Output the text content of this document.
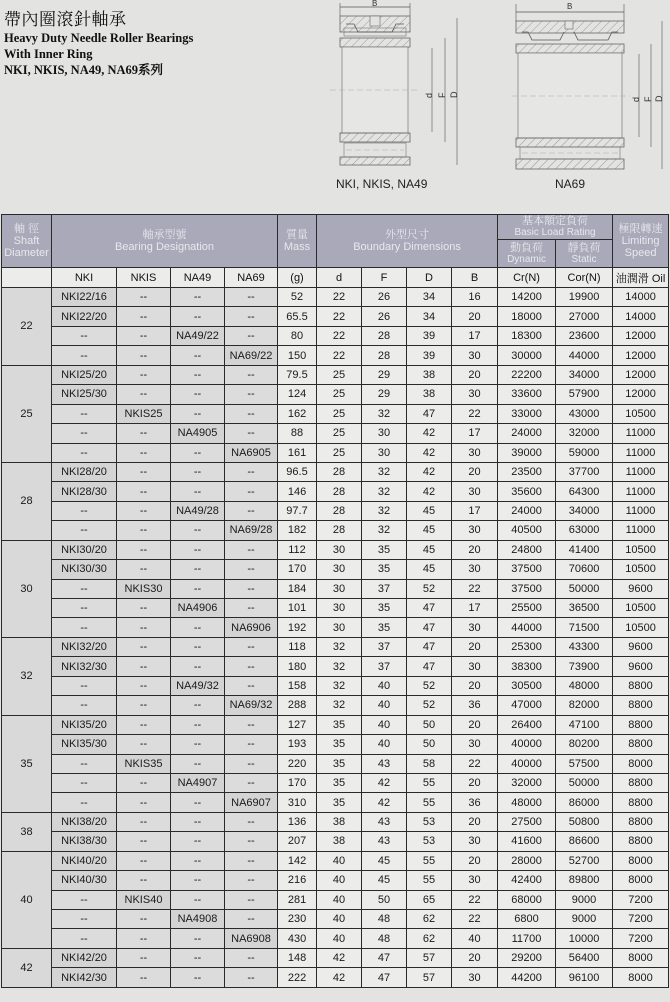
帶內圈滾針軸承
Heavy Duty Needle Roller Bearings
With Inner Ring
NKI, NKIS, NA49, NA69系列
d F D
B
NKI, NKIS, NA49
d F D
B
NA69
軸 徑
Shaft
Diameter	軸承型號
Bearing Designation				質量
Mass	外型尺寸
Boundary Dimensions				基本額定負荷
Basic Load Rating		極限轉速
Limiting
Speed

										動負荷
Dynamic	靜負荷
Static	

	NKI	NKIS	NA49	NA69	(g)	d	F	D	B	Cr(N)	Cor(N)	油潤滑 Oil
22	NKI22/16	--	--	--	52	22	26	34	16	14200	19900	14000
	NKI22/20	--	--	--	65.5	22	26	34	20	18000	27000	14000
	--	--	NA49/22	--	80	22	28	39	17	18300	23600	12000
	--	--	--	NA69/22	150	22	28	39	30	30000	44000	12000
25	NKI25/20	--	--	--	79.5	25	29	38	20	22200	34000	12000
	NKI25/30	--	--	--	124	25	29	38	30	33600	57900	12000
	--	NKIS25	--	--	162	25	32	47	22	33000	43000	10500
	--	--	NA4905	--	88	25	30	42	17	24000	32000	11000
	--	--	--	NA6905	161	25	30	42	30	39000	59000	11000
28	NKI28/20	--	--	--	96.5	28	32	42	20	23500	37700	11000
	NKI28/30	--	--	--	146	28	32	42	30	35600	64300	11000
	--	--	NA49/28	--	97.7	28	32	45	17	24000	34000	11000
	--	--	--	NA69/28	182	28	32	45	30	40500	63000	11000
30	NKI30/20	--	--	--	112	30	35	45	20	24800	41400	10500
	NKI30/30	--	--	--	170	30	35	45	30	37500	70600	10500
	--	NKIS30	--	--	184	30	37	52	22	37500	50000	9600
	--	--	NA4906	--	101	30	35	47	17	25500	36500	10500
	--	--	--	NA6906	192	30	35	47	30	44000	71500	10500
32	NKI32/20	--	--	--	118	32	37	47	20	25300	43300	9600
	NKI32/30	--	--	--	180	32	37	47	30	38300	73900	9600
	--	--	NA49/32	--	158	32	40	52	20	30500	48000	8800
	--	--	--	NA69/32	288	32	40	52	36	47000	82000	8800
35	NKI35/20	--	--	--	127	35	40	50	20	26400	47100	8800
	NKI35/30	--	--	--	193	35	40	50	30	40000	80200	8800
	--	NKIS35	--	--	220	35	43	58	22	40000	57500	8000
	--	--	NA4907	--	170	35	42	55	20	32000	50000	8800
	--	--	--	NA6907	310	35	42	55	36	48000	86000	8800
38	NKI38/20	--	--	--	136	38	43	53	20	27500	50800	8800
	NKI38/30	--	--	--	207	38	43	53	30	41600	86600	8800
40	NKI40/20	--	--	--	142	40	45	55	20	28000	52700	8000
	NKI40/30	--	--	--	216	40	45	55	30	42400	89800	8000
	--	NKIS40	--	--	281	40	50	65	22	68000	9000	7200
	--	--	NA4908	--	230	40	48	62	22	6800	9000	7200
	--	--	--	NA6908	430	40	48	62	40	11700	10000	7200
42	NKI42/20	--	--	--	148	42	47	57	20	29200	56400	8000
	NKI42/30	--	--	--	222	42	47	57	30	44200	96100	8000
